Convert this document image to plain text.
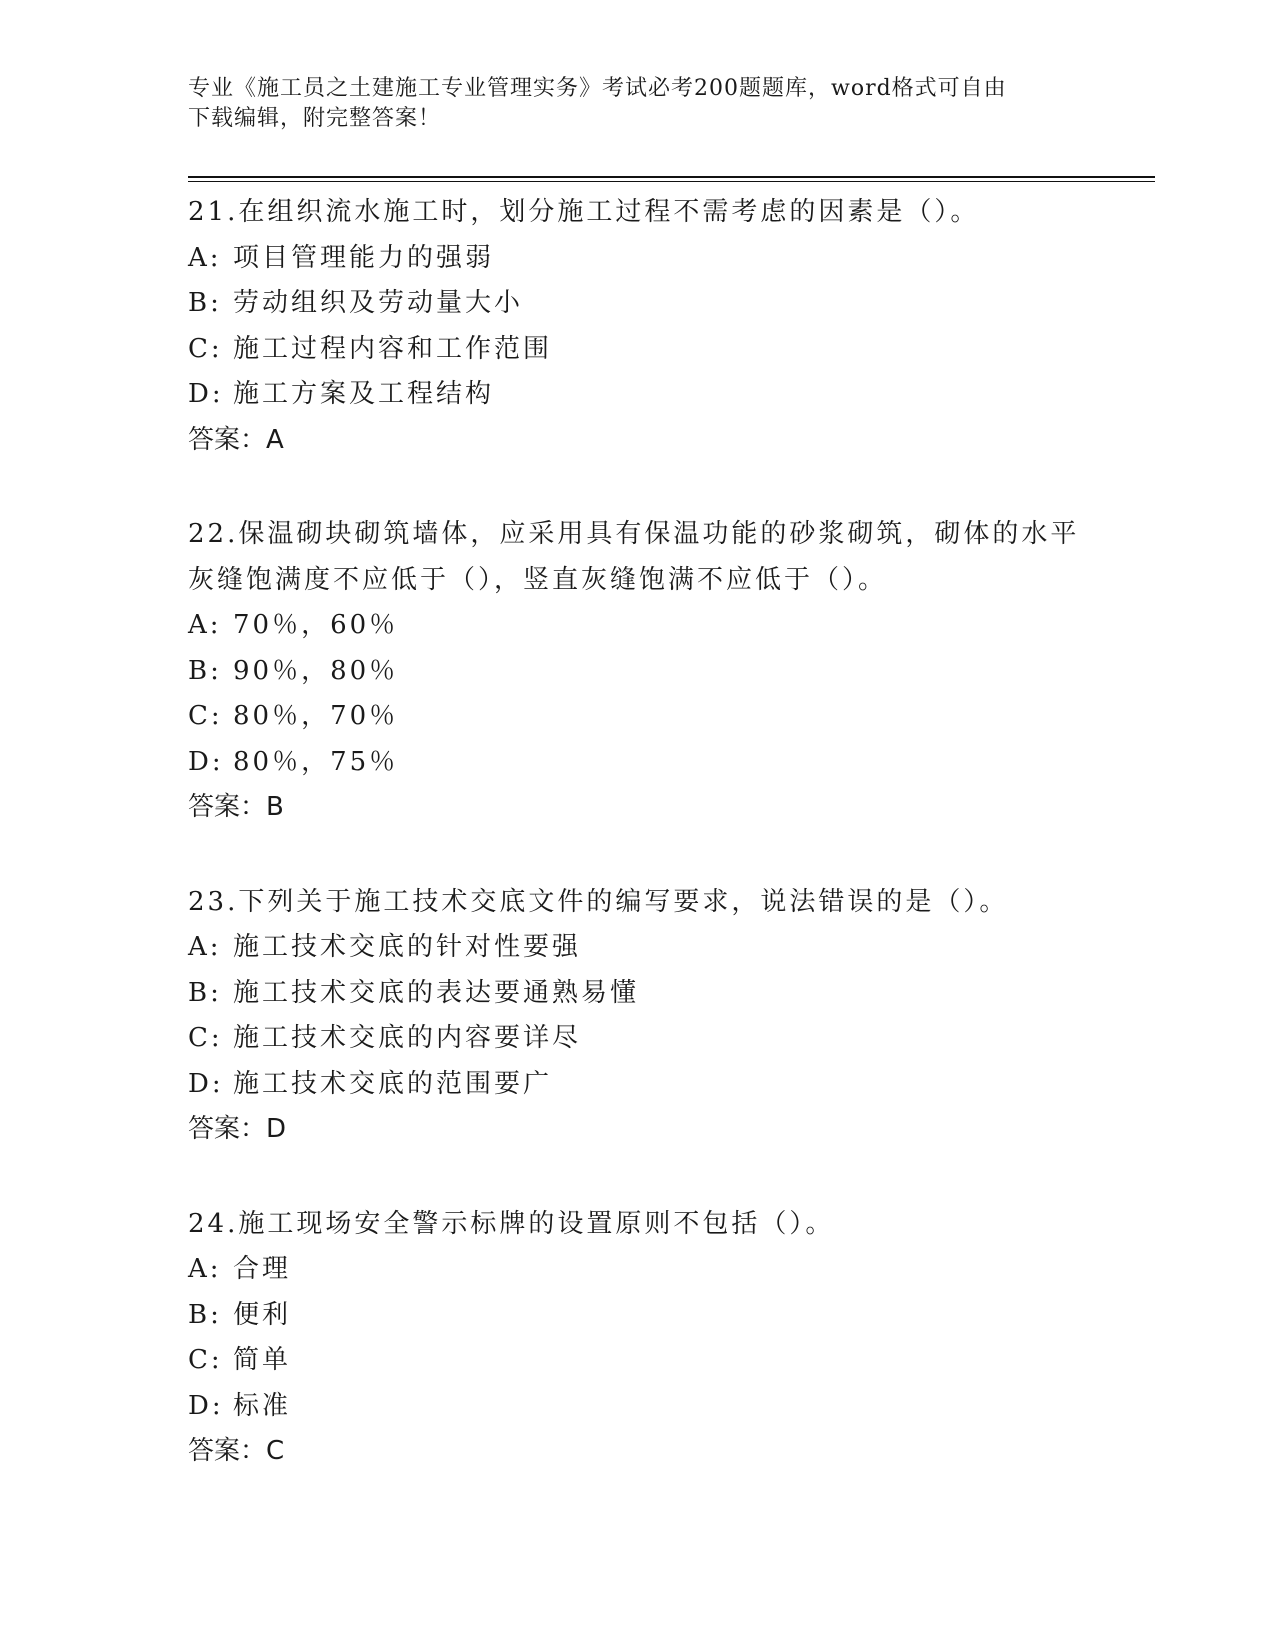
专业《施工员之土建施工专业管理实务》考试必考200题题库，word格式可自由
下载编辑，附完整答案！

21.在组织流水施工时，划分施工过程不需考虑的因素是（）。

A: 项目管理能力的强弱

B: 劳动组织及劳动量大小

C: 施工过程内容和工作范围

D: 施工方案及工程结构

答案：A

22.保温砌块砌筑墙体，应采用具有保温功能的砂浆砌筑，砌体的水平灰缝饱满度不应低于（），竖直灰缝饱满不应低于（）。

A: 70％，60％

B: 90％，80％

C: 80％，70％

D: 80％，75％

答案：B

23.下列关于施工技术交底文件的编写要求，说法错误的是（）。

A: 施工技术交底的针对性要强

B: 施工技术交底的表达要通熟易懂

C: 施工技术交底的内容要详尽

D: 施工技术交底的范围要广

答案：D

24.施工现场安全警示标牌的设置原则不包括（）。

A: 合理

B: 便利

C: 简单

D: 标准

答案：C
